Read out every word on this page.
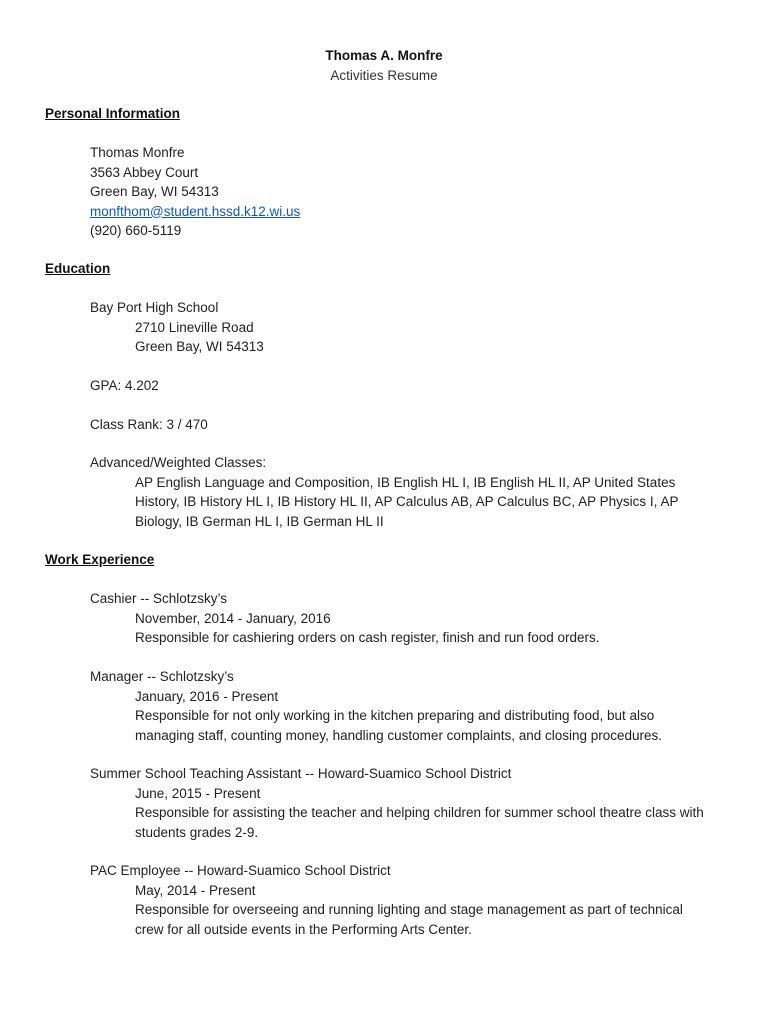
Thomas A. Monfre
Activities Resume
Personal Information
Thomas Monfre
3563 Abbey Court
Green Bay, WI 54313
monfthom@student.hssd.k12.wi.us
(920) 660-5119
Education
Bay Port High School
2710 Lineville Road
Green Bay, WI 54313
GPA: 4.202
Class Rank: 3 / 470
Advanced/Weighted Classes:
AP English Language and Composition, IB English HL I, IB English HL II, AP United States History, IB History HL I, IB History HL II, AP Calculus AB, AP Calculus BC, AP Physics I, AP Biology, IB German HL I, IB German HL II
Work Experience
Cashier -- Schlotzsky’s
November, 2014 - January, 2016
Responsible for cashiering orders on cash register, finish and run food orders.
Manager -- Schlotzsky’s
January, 2016 - Present
Responsible for not only working in the kitchen preparing and distributing food, but also managing staff, counting money, handling customer complaints, and closing procedures.
Summer School Teaching Assistant -- Howard-Suamico School District
June, 2015 - Present
Responsible for assisting the teacher and helping children for summer school theatre class with students grades 2-9.
PAC Employee -- Howard-Suamico School District
May, 2014 - Present
Responsible for overseeing and running lighting and stage management as part of technical crew for all outside events in the Performing Arts Center.
